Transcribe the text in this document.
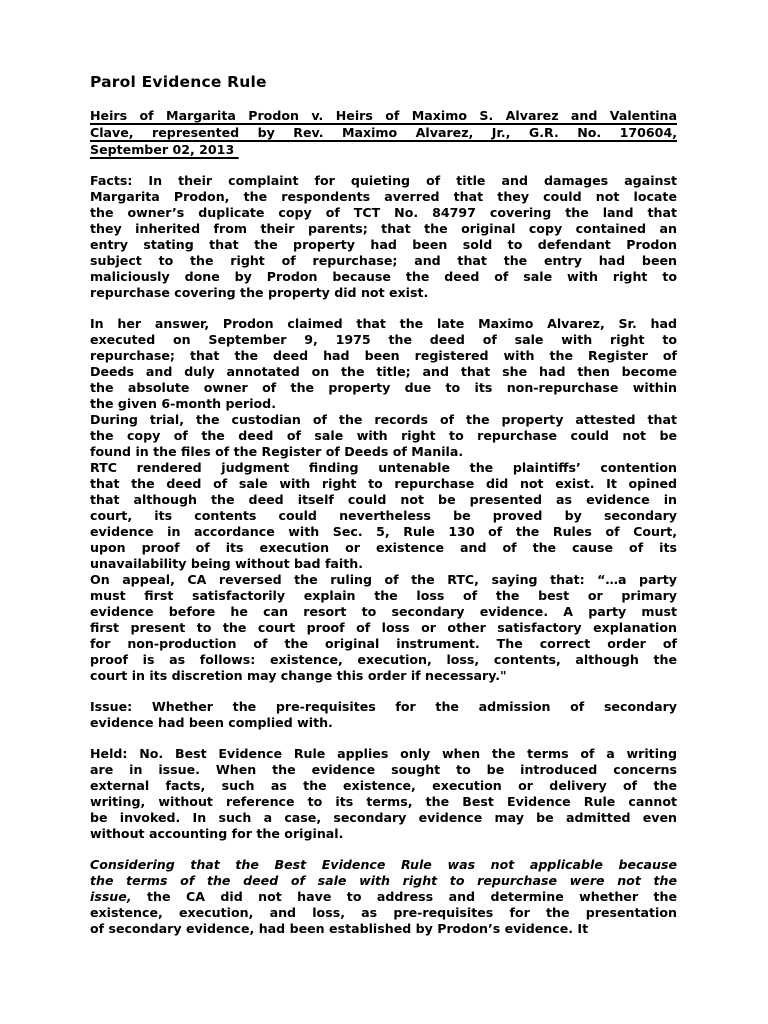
Parol Evidence Rule
Heirs of Margarita Prodon v. Heirs of Maximo S. Alvarez and Valentina
Clave, represented by Rev. Maximo Alvarez, Jr., G.R. No. 170604,
September 02, 2013
Facts: In their complaint for quieting of title and damages against
Margarita Prodon, the respondents averred that they could not locate
the owner’s duplicate copy of TCT No. 84797 covering the land that
they inherited from their parents; that the original copy contained an
entry stating that the property had been sold to defendant Prodon
subject to the right of repurchase; and that the entry had been
maliciously done by Prodon because the deed of sale with right to
repurchase covering the property did not exist.
In her answer, Prodon claimed that the late Maximo Alvarez, Sr. had
executed on September 9, 1975 the deed of sale with right to
repurchase; that the deed had been registered with the Register of
Deeds and duly annotated on the title; and that she had then become
the absolute owner of the property due to its non-repurchase within
the given 6-month period.
During trial, the custodian of the records of the property attested that
the copy of the deed of sale with right to repurchase could not be
found in the files of the Register of Deeds of Manila.
RTC rendered judgment finding untenable the plaintiffs’ contention
that the deed of sale with right to repurchase did not exist. It opined
that although the deed itself could not be presented as evidence in
court, its contents could nevertheless be proved by secondary
evidence in accordance with Sec. 5, Rule 130 of the Rules of Court,
upon proof of its execution or existence and of the cause of its
unavailability being without bad faith.
On appeal, CA reversed the ruling of the RTC, saying that: “…a party
must first satisfactorily explain the loss of the best or primary
evidence before he can resort to secondary evidence. A party must
first present to the court proof of loss or other satisfactory explanation
for non-production of the original instrument. The correct order of
proof is as follows: existence, execution, loss, contents, although the
court in its discretion may change this order if necessary."
Issue: Whether the pre-requisites for the admission of secondary
evidence had been complied with.
Held: No. Best Evidence Rule applies only when the terms of a writing
are in issue. When the evidence sought to be introduced concerns
external facts, such as the existence, execution or delivery of the
writing, without reference to its terms, the Best Evidence Rule cannot
be invoked. In such a case, secondary evidence may be admitted even
without accounting for the original.
Considering that the Best Evidence Rule was not applicable because
the terms of the deed of sale with right to repurchase were not the
issue, the CA did not have to address and determine whether the
existence, execution, and loss, as pre-requisites for the presentation
of secondary evidence, had been established by Prodon’s evidence. It
